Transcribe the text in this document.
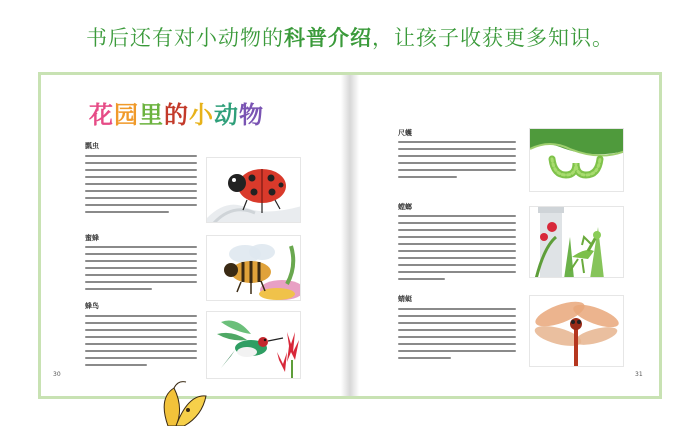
书后还有对小动物的科普介绍，让孩子收获更多知识。
花园里的小动物
瓢虫
蜜蜂
蜂鸟
30
尺蠖
螳螂
蜻蜓
31
